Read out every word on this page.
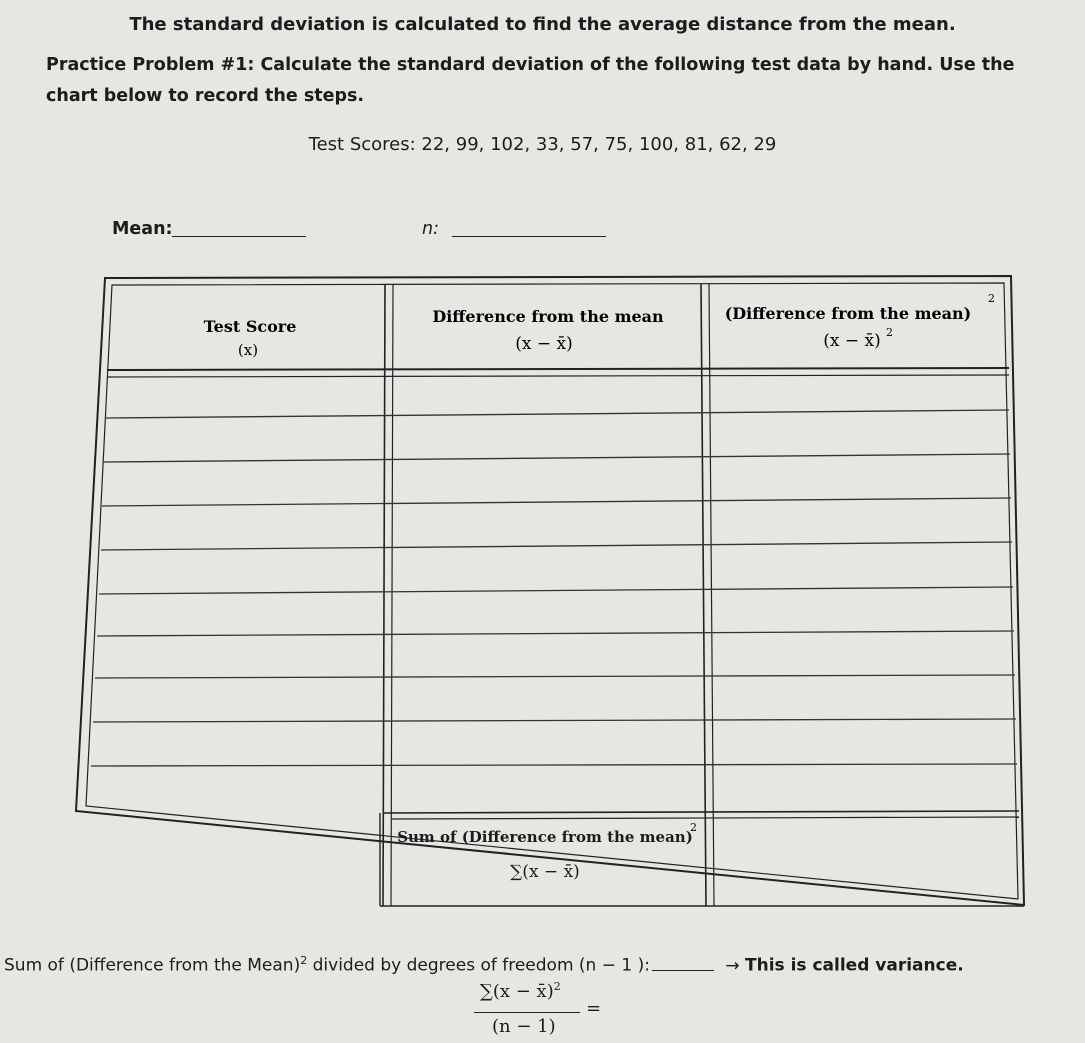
The standard deviation is calculated to find the average distance from the mean.
Practice Problem #1: Calculate the standard deviation of the following test data by hand. Use the chart below to record the steps.
Test Scores: 22, 99, 102, 33, 57, 75, 100, 81, 62, 29
Mean:	n:
Test Score
(x)
Difference from the mean
(x − x̄)
(Difference from the mean)
2
(x − x̄) 2
2
Sum of (Difference from the mean)
∑(x − x̄)
Sum of (Difference from the Mean)$^2$ divided by degrees of freedom (n − 1 ):	→ This is called variance.
∑(x − x̄)$^2$
(n − 1)
=
